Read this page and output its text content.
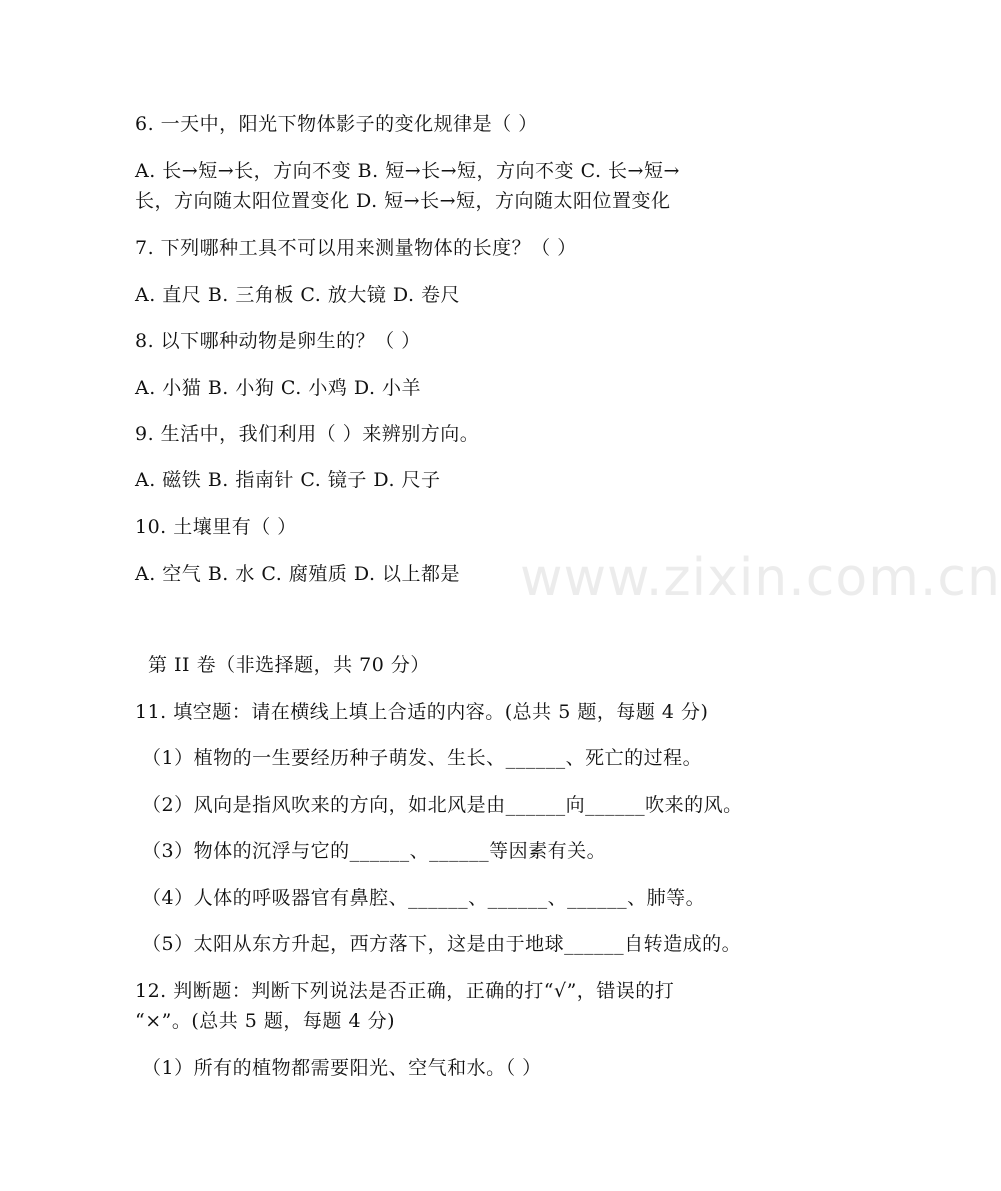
www.zixin.com.cn
6. 一天中，阳光下物体影子的变化规律是（ ）
A. 长→短→长，方向不变 B. 短→长→短，方向不变 C. 长→短→
长，方向随太阳位置变化 D. 短→长→短，方向随太阳位置变化
7. 下列哪种工具不可以用来测量物体的长度？（ ）
A. 直尺 B. 三角板 C. 放大镜 D. 卷尺
8. 以下哪种动物是卵生的？（ ）
A. 小猫 B. 小狗 C. 小鸡 D. 小羊
9. 生活中，我们利用（ ）来辨别方向。
A. 磁铁 B. 指南针 C. 镜子 D. 尺子
10. 土壤里有（ ）
A. 空气 B. 水 C. 腐殖质 D. 以上都是
第 II 卷（非选择题，共 70 分）
11. 填空题：请在横线上填上合适的内容。(总共 5 题，每题 4 分)
（1）植物的一生要经历种子萌发、生长、______、死亡的过程。
（2）风向是指风吹来的方向，如北风是由______向______吹来的风。
（3）物体的沉浮与它的______、______等因素有关。
（4）人体的呼吸器官有鼻腔、______、______、______、肺等。
（5）太阳从东方升起，西方落下，这是由于地球______自转造成的。
12. 判断题：判断下列说法是否正确，正确的打“√”，错误的打
“×”。(总共 5 题，每题 4 分)
（1）所有的植物都需要阳光、空气和水。（ ）
